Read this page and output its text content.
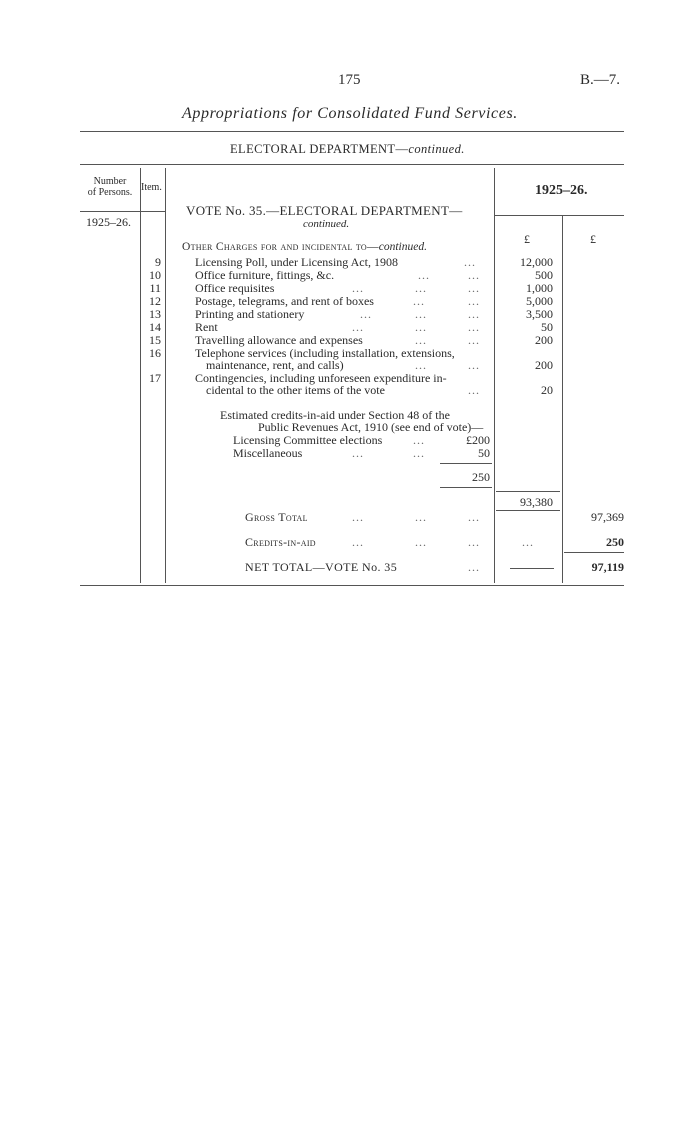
175	B.—7.
Appropriations for Consolidated Fund Services.
ELECTORAL DEPARTMENT—continued.
Number
of Persons. Item.	1925–26.
1925–26.
£	£
VOTE No. 35.—ELECTORAL DEPARTMENT—
continued.
Other Charges for and incidental to—continued.
9	Licensing Poll, under Licensing Act, 1908	...	12,000
10	Office furniture, fittings, &c.	...	...	500
11	Office requisites	...	...	...	1,000
12	Postage, telegrams, and rent of boxes	...	...	5,000
13	Printing and stationery	...	...	...	3,500
14	Rent	...	...	...	50
15	Travelling allowance and expenses	...	...	200
16	Telephone services (including installation, extensions,
maintenance, rent, and calls)	...	...	200
17	Contingencies, including unforeseen expenditure in-
cidental to the other items of the vote	...	20
Estimated credits-in-aid under Section 48 of the
Public Revenues Act, 1910 (see end of vote)—
Licensing Committee elections	...	£200
Miscellaneous	...	...	50
250
93,380
Gross Total	...	...	...	97,369
Credits-in-aid	...	...	...	...	250
NET TOTAL—VOTE No. 35	...	97,119
